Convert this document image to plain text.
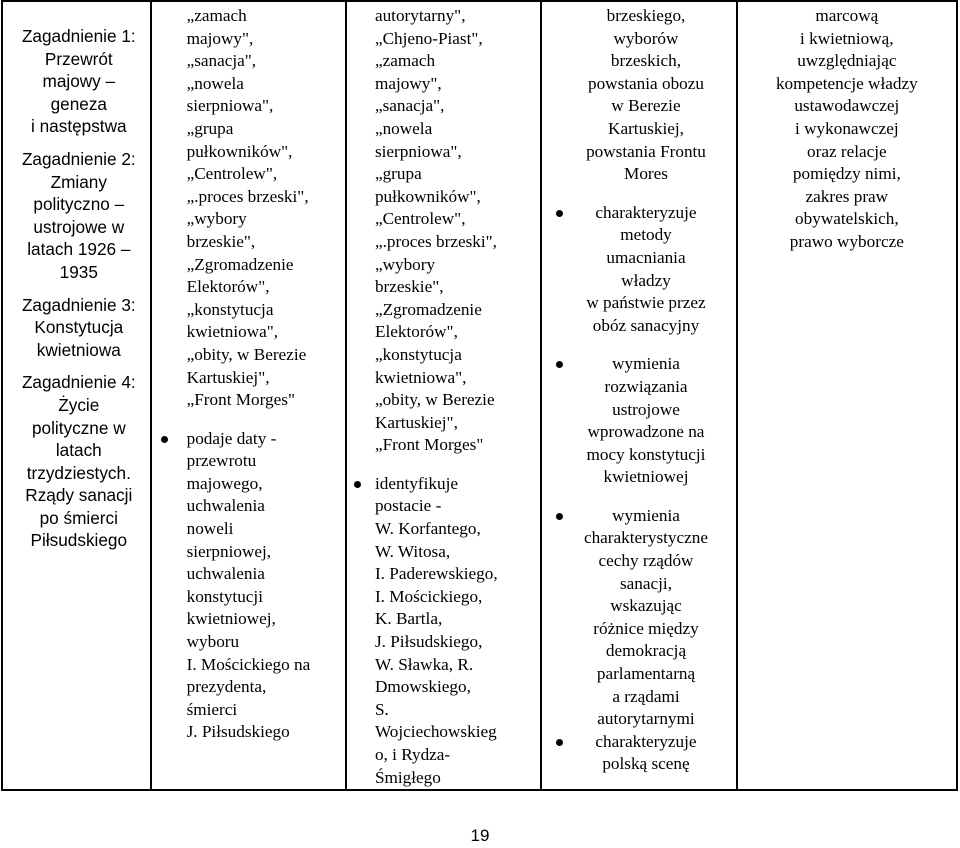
Zagadnienie 1:
Przewrót
majowy –
geneza
i następstwa
Zagadnienie 2:
Zmiany
polityczno –
ustrojowe w
latach 1926 –
1935
Zagadnienie 3:
Konstytucja
kwietniowa
Zagadnienie 4:
Życie
polityczne w
latach
trzydziestych.
Rządy sanacji
po śmierci
Piłsudskiego

„zamach
majowy",
„sanacja",
„nowela
sierpniowa",
„grupa
pułkowników",
„Centrolew",
„.proces brzeski",
„wybory
brzeskie",
„Zgromadzenie
Elektorów",
„konstytucja
kwietniowa",
„obity, w Berezie
Kartuskiej",
„Front Morges"
podaje daty -
przewrotu
majowego,
uchwalenia
noweli
sierpniowej,
uchwalenia
konstytucji
kwietniowej,
wyboru
I. Mościckiego na
prezydenta,
śmierci
J. Piłsudskiego

autorytarny",
„Chjeno-Piast",
„zamach
majowy",
„sanacja",
„nowela
sierpniowa",
„grupa
pułkowników",
„Centrolew",
„.proces brzeski",
„wybory
brzeskie",
„Zgromadzenie
Elektorów",
„konstytucja
kwietniowa",
„obity, w Berezie
Kartuskiej",
„Front Morges"
identyfikuje
postacie -
W. Korfantego,
W. Witosa,
I. Paderewskiego,
I. Mościckiego,
K. Bartla,
J. Piłsudskiego,
W. Sławka, R.
Dmowskiego,
S.
Wojciechowskieg
o, i Rydza-
Śmigłego

brzeskiego,
wyborów
brzeskich,
powstania obozu
w Berezie
Kartuskiej,
powstania Frontu
Mores
charakteryzuje
metody
umacniania
władzy
w państwie przez
obóz sanacyjny
wymienia
rozwiązania
ustrojowe
wprowadzone na
mocy konstytucji
kwietniowej
wymienia
charakterystyczne
cechy rządów
sanacji,
wskazując
różnice między
demokracją
parlamentarną
a rządami
autorytarnymi
charakteryzuje
polską scenę

marcową
i kwietniową,
uwzględniając
kompetencje władzy
ustawodawczej
i wykonawczej
oraz relacje
pomiędzy nimi,
zakres praw
obywatelskich,
prawo wyborcze
19
